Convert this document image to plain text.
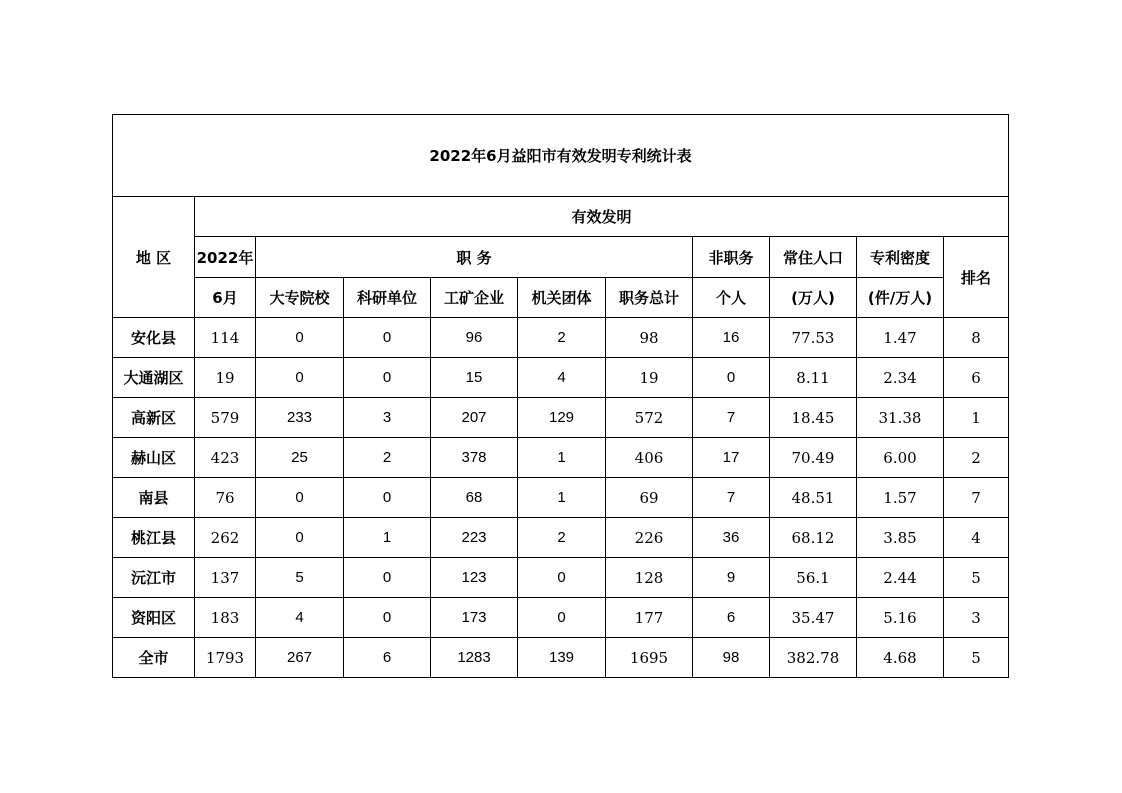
2022年6月益阳市有效发明专利统计表										
地 区	有效发明									
	2022年	职 务					非职务	常住人口	专利密度	排名
	6月	大专院校	科研单位	工矿企业	机关团体	职务总计	个人	(万人)	(件/万人)	
安化县	114	0	0	96	2	98	16	77.53	1.47	8
大通湖区	19	0	0	15	4	19	0	8.11	2.34	6
高新区	579	233	3	207	129	572	7	18.45	31.38	1
赫山区	423	25	2	378	1	406	17	70.49	6.00	2
南县	76	0	0	68	1	69	7	48.51	1.57	7
桃江县	262	0	1	223	2	226	36	68.12	3.85	4
沅江市	137	5	0	123	0	128	9	56.1	2.44	5
资阳区	183	4	0	173	0	177	6	35.47	5.16	3
全市	1793	267	6	1283	139	1695	98	382.78	4.68	5
